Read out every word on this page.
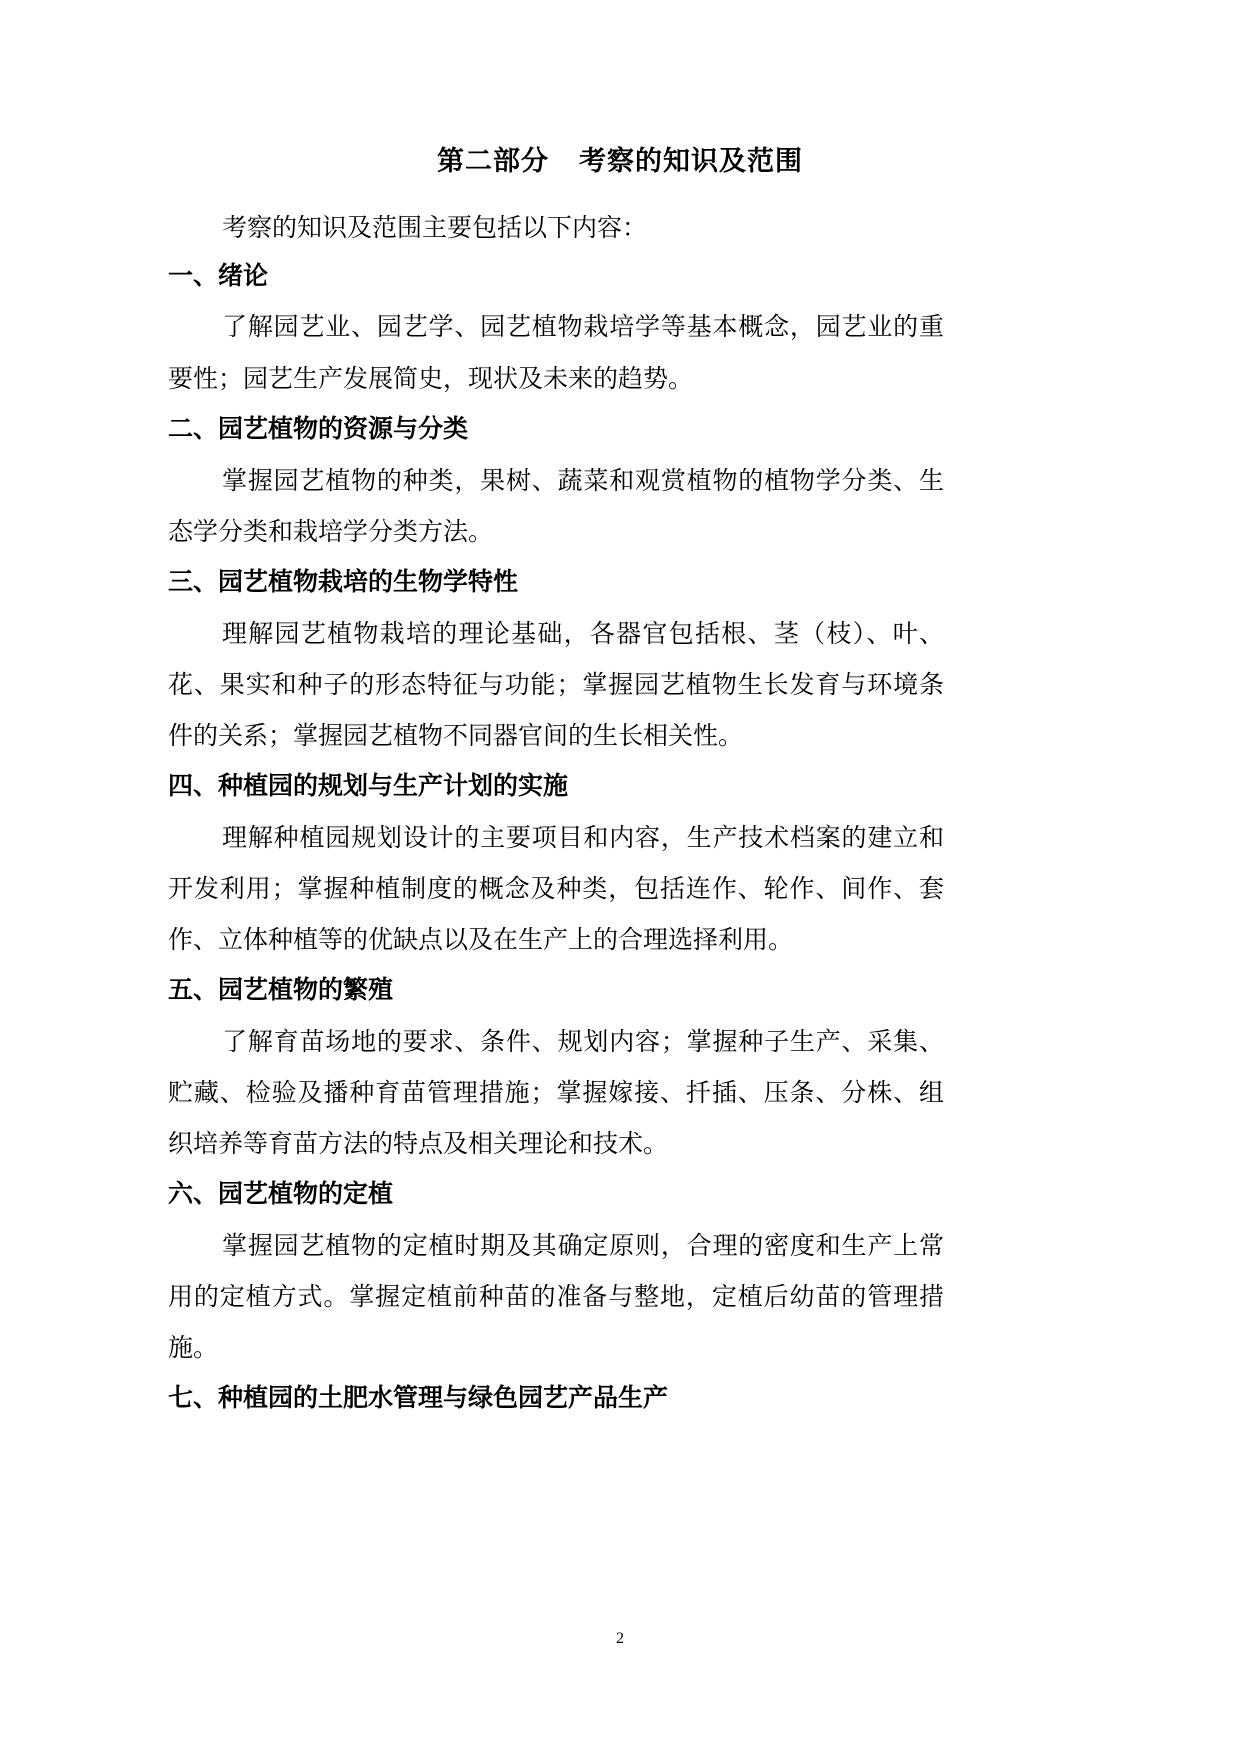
第二部分 考察的知识及范围
考察的知识及范围主要包括以下内容：
一、绪论
了解园艺业、园艺学、园艺植物栽培学等基本概念，园艺业的重
要性；园艺生产发展简史，现状及未来的趋势。
二、园艺植物的资源与分类
掌握园艺植物的种类，果树、蔬菜和观赏植物的植物学分类、生
态学分类和栽培学分类方法。
三、园艺植物栽培的生物学特性
理解园艺植物栽培的理论基础，各器官包括根、茎（枝）、叶、
花、果实和种子的形态特征与功能；掌握园艺植物生长发育与环境条
件的关系；掌握园艺植物不同器官间的生长相关性。
四、种植园的规划与生产计划的实施
理解种植园规划设计的主要项目和内容，生产技术档案的建立和
开发利用；掌握种植制度的概念及种类，包括连作、轮作、间作、套
作、立体种植等的优缺点以及在生产上的合理选择利用。
五、园艺植物的繁殖
了解育苗场地的要求、条件、规划内容；掌握种子生产、采集、
贮藏、检验及播种育苗管理措施；掌握嫁接、扦插、压条、分株、组
织培养等育苗方法的特点及相关理论和技术。
六、园艺植物的定植
掌握园艺植物的定植时期及其确定原则，合理的密度和生产上常
用的定植方式。掌握定植前种苗的准备与整地，定植后幼苗的管理措
施。
七、种植园的土肥水管理与绿色园艺产品生产
2
